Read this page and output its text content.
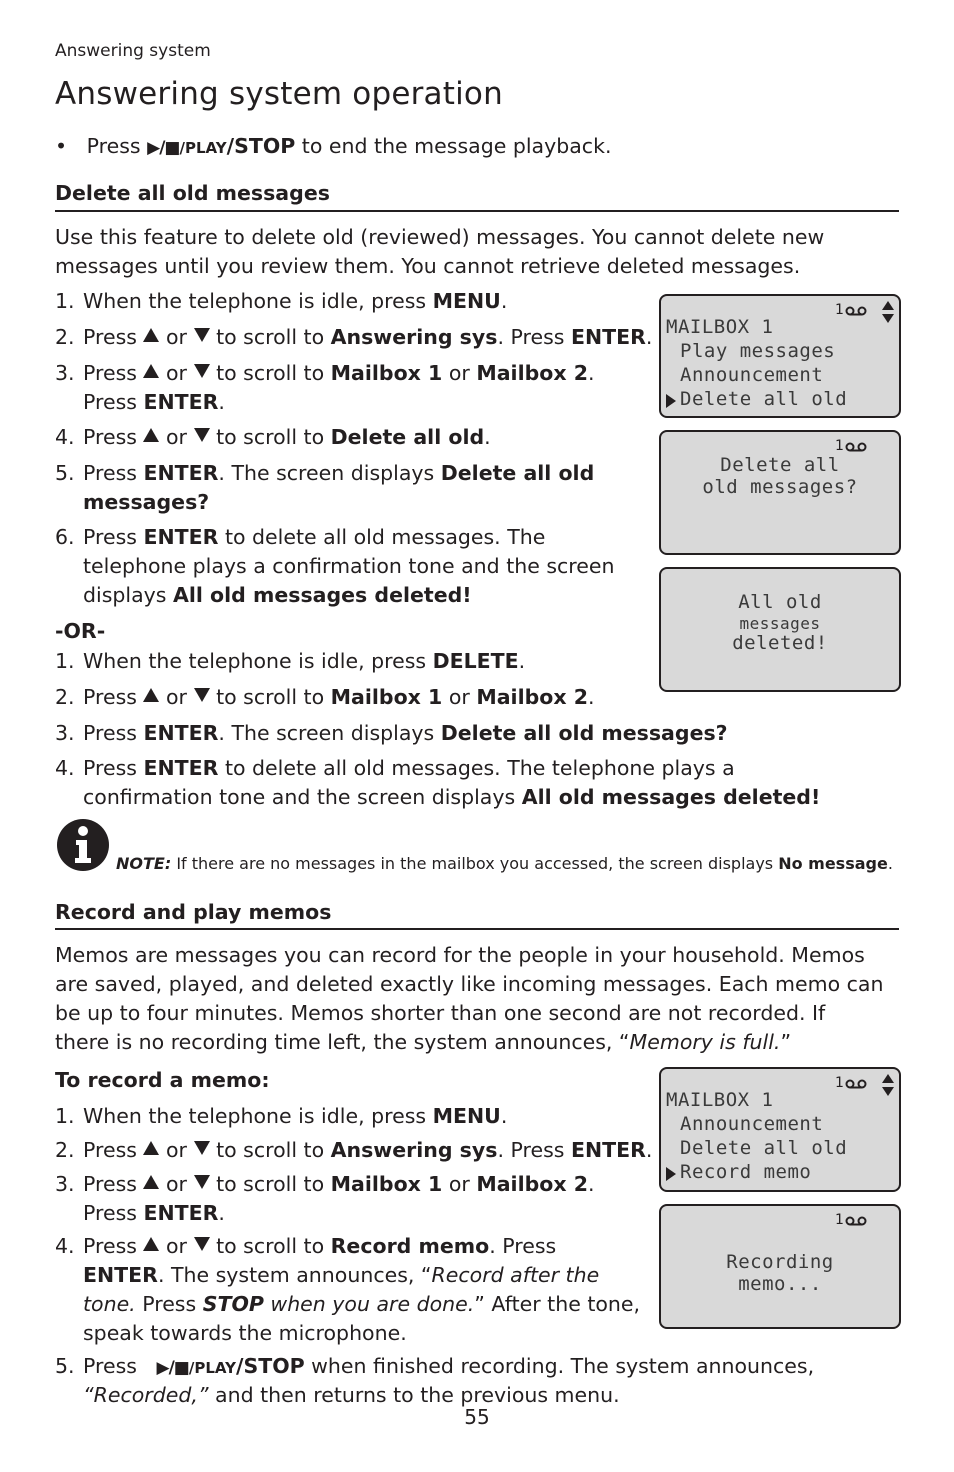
Answering system
Answering system operation
• Press ▶/■/PLAY/STOP to end the message playback.
Delete all old messages
Use this feature to delete old (reviewed) messages. You cannot delete new
messages until you review them. You cannot retrieve deleted messages.
1. When the telephone is idle, press MENU.
2. Press or to scroll to Answering sys. Press ENTER.
3. Press or to scroll to Mailbox 1 or Mailbox 2.
Press ENTER.
4. Press or to scroll to Delete all old.
5. Press ENTER. The screen displays Delete all old
messages?
6. Press ENTER to delete all old messages. The
telephone plays a confirmation tone and the screen
displays All old messages deleted!
-OR-
1. When the telephone is idle, press DELETE.
2. Press or to scroll to Mailbox 1 or Mailbox 2.
3. Press ENTER. The screen displays Delete all old messages?
4. Press ENTER to delete all old messages. The telephone plays a
confirmation tone and the screen displays All old messages deleted!
NOTE: If there are no messages in the mailbox you accessed, the screen displays No message.
Record and play memos
Memos are messages you can record for the people in your household. Memos
are saved, played, and deleted exactly like incoming messages. Each memo can
be up to four minutes. Memos shorter than one second are not recorded. If
there is no recording time left, the system announces, “Memory is full.”
To record a memo:
1. When the telephone is idle, press MENU.
2. Press or to scroll to Answering sys. Press ENTER.
3. Press or to scroll to Mailbox 1 or Mailbox 2.
Press ENTER.
4. Press or to scroll to Record memo. Press
ENTER. The system announces, “Record after the
tone. Press STOP when you are done.” After the tone,
speak towards the microphone.
5. Press ▶/■/PLAY/STOP when finished recording. The system announces,
“Recorded,” and then returns to the previous menu.
55
1
MAILBOX 1
Play messages
Announcement
Delete all old
1
Delete all
old messages?
All old
messages
deleted!
1
MAILBOX 1
Announcement
Delete all old
Record memo
1
Recording
memo...
